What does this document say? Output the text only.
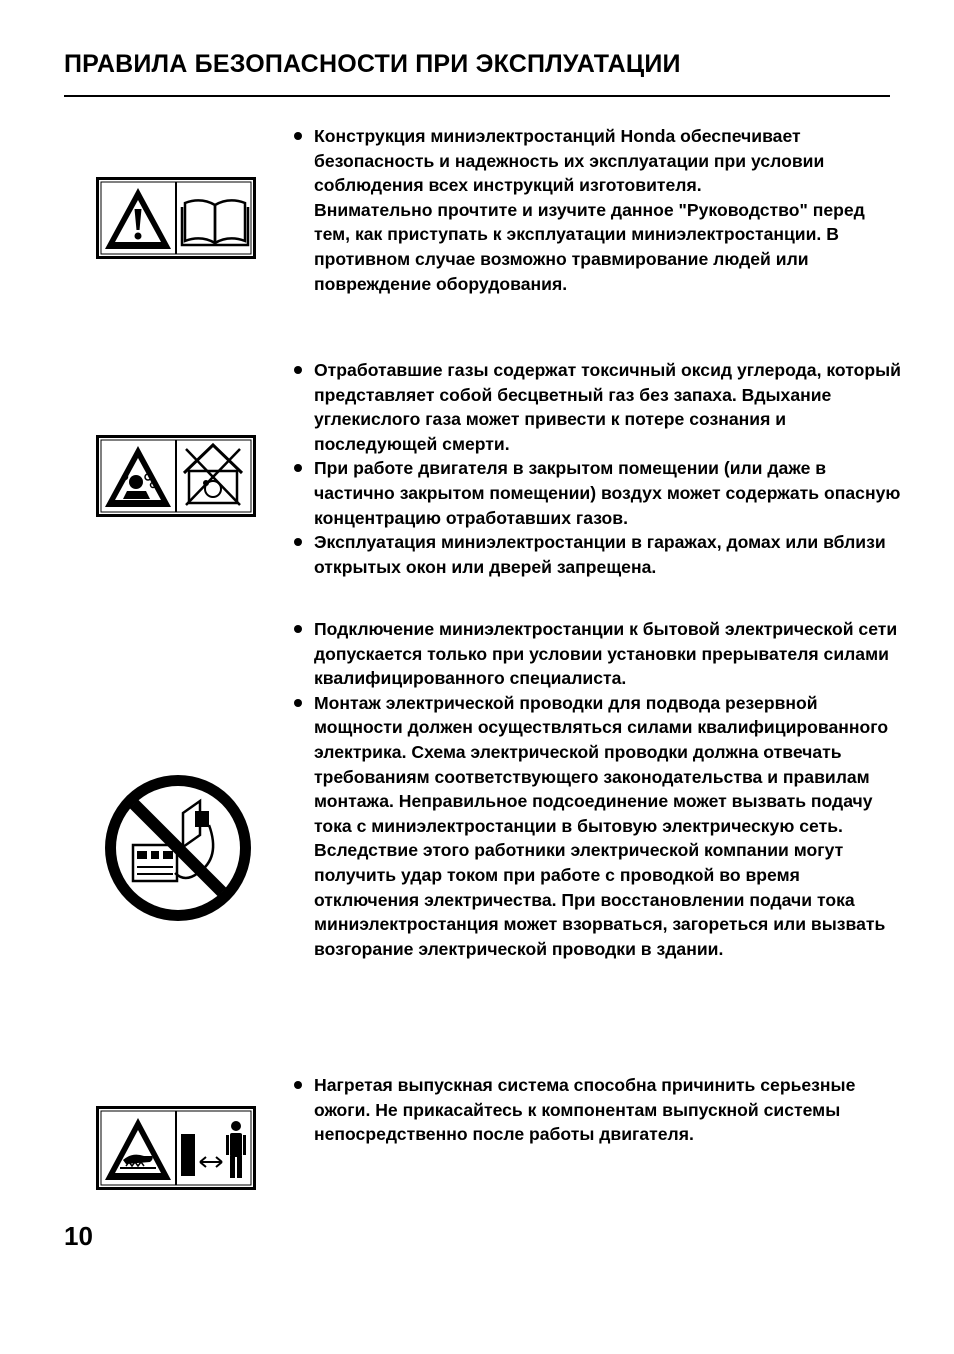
ПРАВИЛА БЕЗОПАСНОСТИ ПРИ ЭКСПЛУАТАЦИИ

Конструкция миниэлектростанций Honda обеспечивает безопасность и надежность их эксплуатации при условии соблюдения всех инструкций изготовителя.

Внимательно прочтите и изучите данное "Руководство" перед тем, как приступать к эксплуатации миниэлектростанции. В противном случае возможно травмирование людей или повреждение оборудования.

Отработавшие газы содержат токсичный оксид углерода, который представляет собой бесцветный газ без запаха. Вдыхание углекислого газа может привести к потере сознания и последующей смерти.

При работе двигателя в закрытом помещении (или даже в частично закрытом помещении) воздух может содержать опасную концентрацию отработавших газов.

Эксплуатация миниэлектростанции в гаражах, домах или вблизи открытых окон или дверей запрещена.

Подключение миниэлектростанции к бытовой электрической сети допускается только при условии установки прерывателя силами квалифицированного специалиста.

Монтаж электрической проводки для подвода резервной мощности должен осуществляться силами квалифицированного электрика. Схема электрической проводки должна отвечать требованиям соответствующего законодательства и правилам монтажа. Неправильное подсоединение может вызвать подачу тока с миниэлектростанции в бытовую электрическую сеть. Вследствие этого работники электрической компании могут получить удар током при работе с проводкой во время отключения электричества. При восстановлении подачи тока миниэлектростанция может взорваться, загореться или вызвать возгорание электрической проводки в здании.

Нагретая выпускная система способна причинить серьезные ожоги. Не прикасайтесь к компонентам выпускной системы непосредственно после работы двигателя.

10
